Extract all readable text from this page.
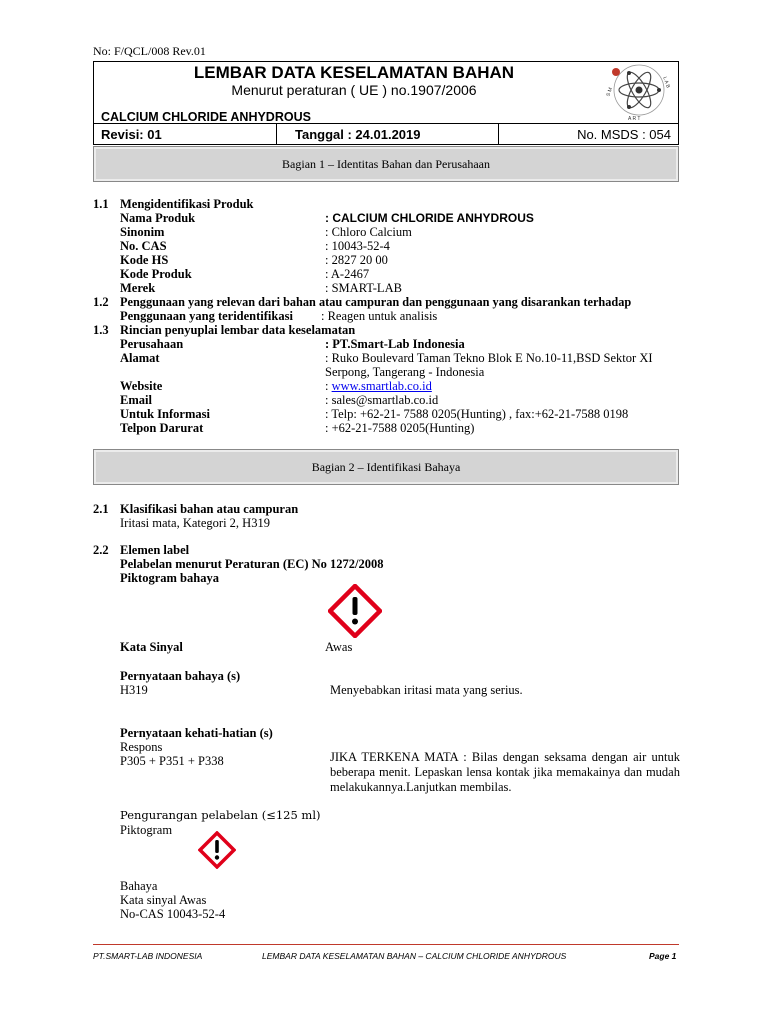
No: F/QCL/008 Rev.01
LEMBAR DATA KESELAMATAN BAHAN
Menurut peraturan ( UE ) no.1907/2006
CALCIUM CHLORIDE ANHYDROUS
S M
L A B
A R T
Revisi: 01	Tanggal : 24.01.2019	No. MSDS : 054
Bagian 1 – Identitas Bahan dan Perusahaan
1.1 Mengidentifikasi Produk
Nama Produk	: CALCIUM CHLORIDE ANHYDROUS
Sinonim	: Chloro Calcium
No. CAS	: 10043-52-4
Kode HS	: 2827 20 00
Kode Produk	: A-2467
Merek	: SMART-LAB
1.2 Penggunaan yang relevan dari bahan atau campuran dan penggunaan yang disarankan terhadap
Penggunaan yang teridentifikasi : Reagen untuk analisis
1.3 Rincian penyuplai lembar data keselamatan
Perusahaan	: PT.Smart-Lab Indonesia
Alamat	: Ruko Boulevard Taman Tekno Blok E No.10-11,BSD Sektor XI
Serpong, Tangerang - Indonesia
Website	: www.smartlab.co.id
Email	: sales@smartlab.co.id
Untuk Informasi	: Telp: +62-21- 7588 0205(Hunting) , fax:+62-21-7588 0198
Telpon Darurat	: +62-21-7588 0205(Hunting)
Bagian 2 – Identifikasi Bahaya
2.1 Klasifikasi bahan atau campuran
Iritasi mata, Kategori 2, H319
2.2 Elemen label
Pelabelan menurut Peraturan (EC) No 1272/2008
Piktogram bahaya
Kata Sinyal	Awas
Pernyataan bahaya (s)
H319	Menyebabkan iritasi mata yang serius.
Pernyataan kehati-hatian (s)
Respons
P305 + P351 + P338	JIKA TERKENA MATA : Bilas dengan seksama dengan air untuk beberapa menit. Lepaskan lensa kontak jika memakainya dan mudah melakukannya.Lanjutkan membilas.
Pengurangan pelabelan (≤125 ml)
Piktogram
Bahaya
Kata sinyal Awas
No-CAS 10043-52-4
PT.SMART-LAB INDONESIA	LEMBAR DATA KESELAMATAN BAHAN – CALCIUM CHLORIDE ANHYDROUS	Page 1
